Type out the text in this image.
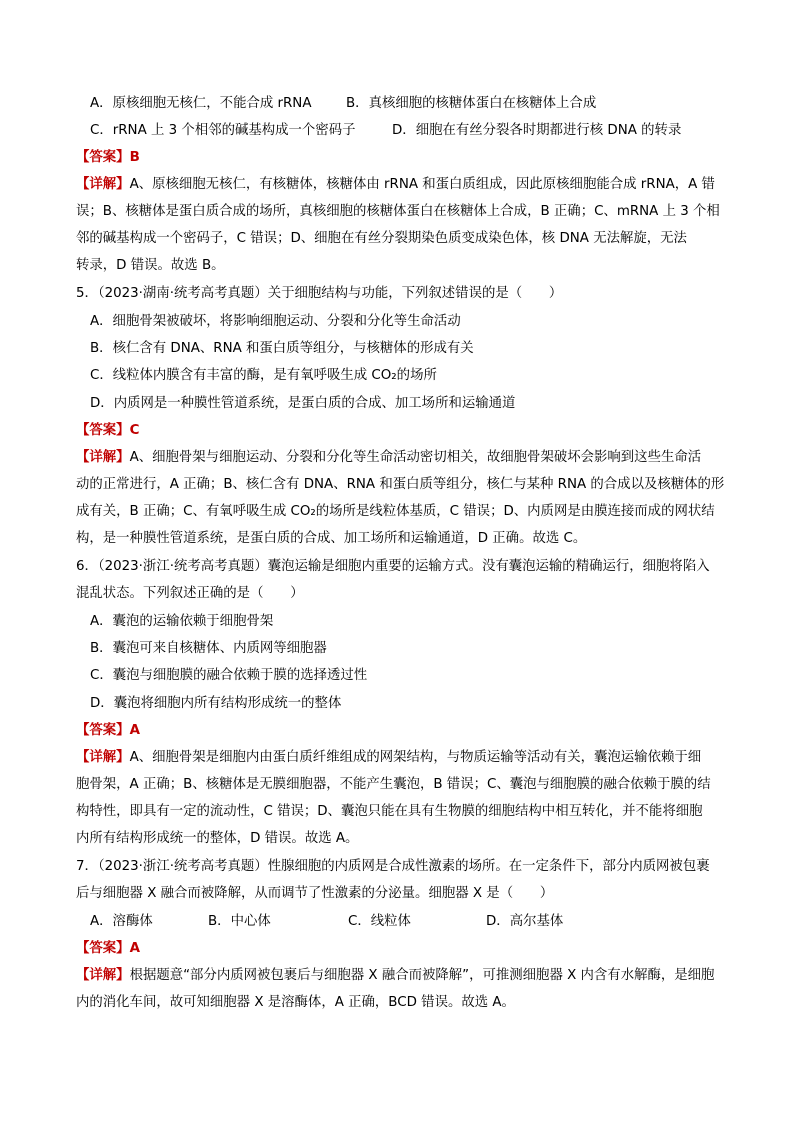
A．原核细胞无核仁，不能合成 rRNA	B．真核细胞的核糖体蛋白在核糖体上合成
C．rRNA 上 3 个相邻的碱基构成一个密码子	D．细胞在有丝分裂各时期都进行核 DNA 的转录
【答案】B
【详解】A、原核细胞无核仁，有核糖体，核糖体由 rRNA 和蛋白质组成，因此原核细胞能合成 rRNA，A 错
误；B、核糖体是蛋白质合成的场所，真核细胞的核糖体蛋白在核糖体上合成，B 正确；C、mRNA 上 3 个相
邻的碱基构成一个密码子，C 错误；D、细胞在有丝分裂期染色质变成染色体，核 DNA 无法解旋，无法
转录，D 错误。故选 B。
5．（2023·湖南·统考高考真题）关于细胞结构与功能，下列叙述错误的是（　　）
A．细胞骨架被破坏，将影响细胞运动、分裂和分化等生命活动
B．核仁含有 DNA、RNA 和蛋白质等组分，与核糖体的形成有关
C．线粒体内膜含有丰富的酶，是有氧呼吸生成 CO₂的场所
D．内质网是一种膜性管道系统，是蛋白质的合成、加工场所和运输通道
【答案】C
【详解】A、细胞骨架与细胞运动、分裂和分化等生命活动密切相关，故细胞骨架破坏会影响到这些生命活
动的正常进行，A 正确；B、核仁含有 DNA、RNA 和蛋白质等组分，核仁与某种 RNA 的合成以及核糖体的形
成有关，B 正确；C、有氧呼吸生成 CO₂的场所是线粒体基质，C 错误；D、内质网是由膜连接而成的网状结
构，是一种膜性管道系统，是蛋白质的合成、加工场所和运输通道，D 正确。故选 C。
6．（2023·浙江·统考高考真题）囊泡运输是细胞内重要的运输方式。没有囊泡运输的精确运行，细胞将陷入
混乱状态。下列叙述正确的是（　　）
A．囊泡的运输依赖于细胞骨架
B．囊泡可来自核糖体、内质网等细胞器
C．囊泡与细胞膜的融合依赖于膜的选择透过性
D．囊泡将细胞内所有结构形成统一的整体
【答案】A
【详解】A、细胞骨架是细胞内由蛋白质纤维组成的网架结构，与物质运输等活动有关，囊泡运输依赖于细
胞骨架，A 正确；B、核糖体是无膜细胞器，不能产生囊泡，B 错误；C、囊泡与细胞膜的融合依赖于膜的结
构特性，即具有一定的流动性，C 错误；D、囊泡只能在具有生物膜的细胞结构中相互转化，并不能将细胞
内所有结构形成统一的整体，D 错误。故选 A。
7．（2023·浙江·统考高考真题）性腺细胞的内质网是合成性激素的场所。在一定条件下，部分内质网被包裹
后与细胞器 X 融合而被降解，从而调节了性激素的分泌量。细胞器 X 是（　　）
A．溶酶体	B．中心体	C．线粒体	D．高尔基体
【答案】A
【详解】根据题意“部分内质网被包裹后与细胞器 X 融合而被降解”，可推测细胞器 X 内含有水解酶，是细胞
内的消化车间，故可知细胞器 X 是溶酶体，A 正确，BCD 错误。故选 A。
